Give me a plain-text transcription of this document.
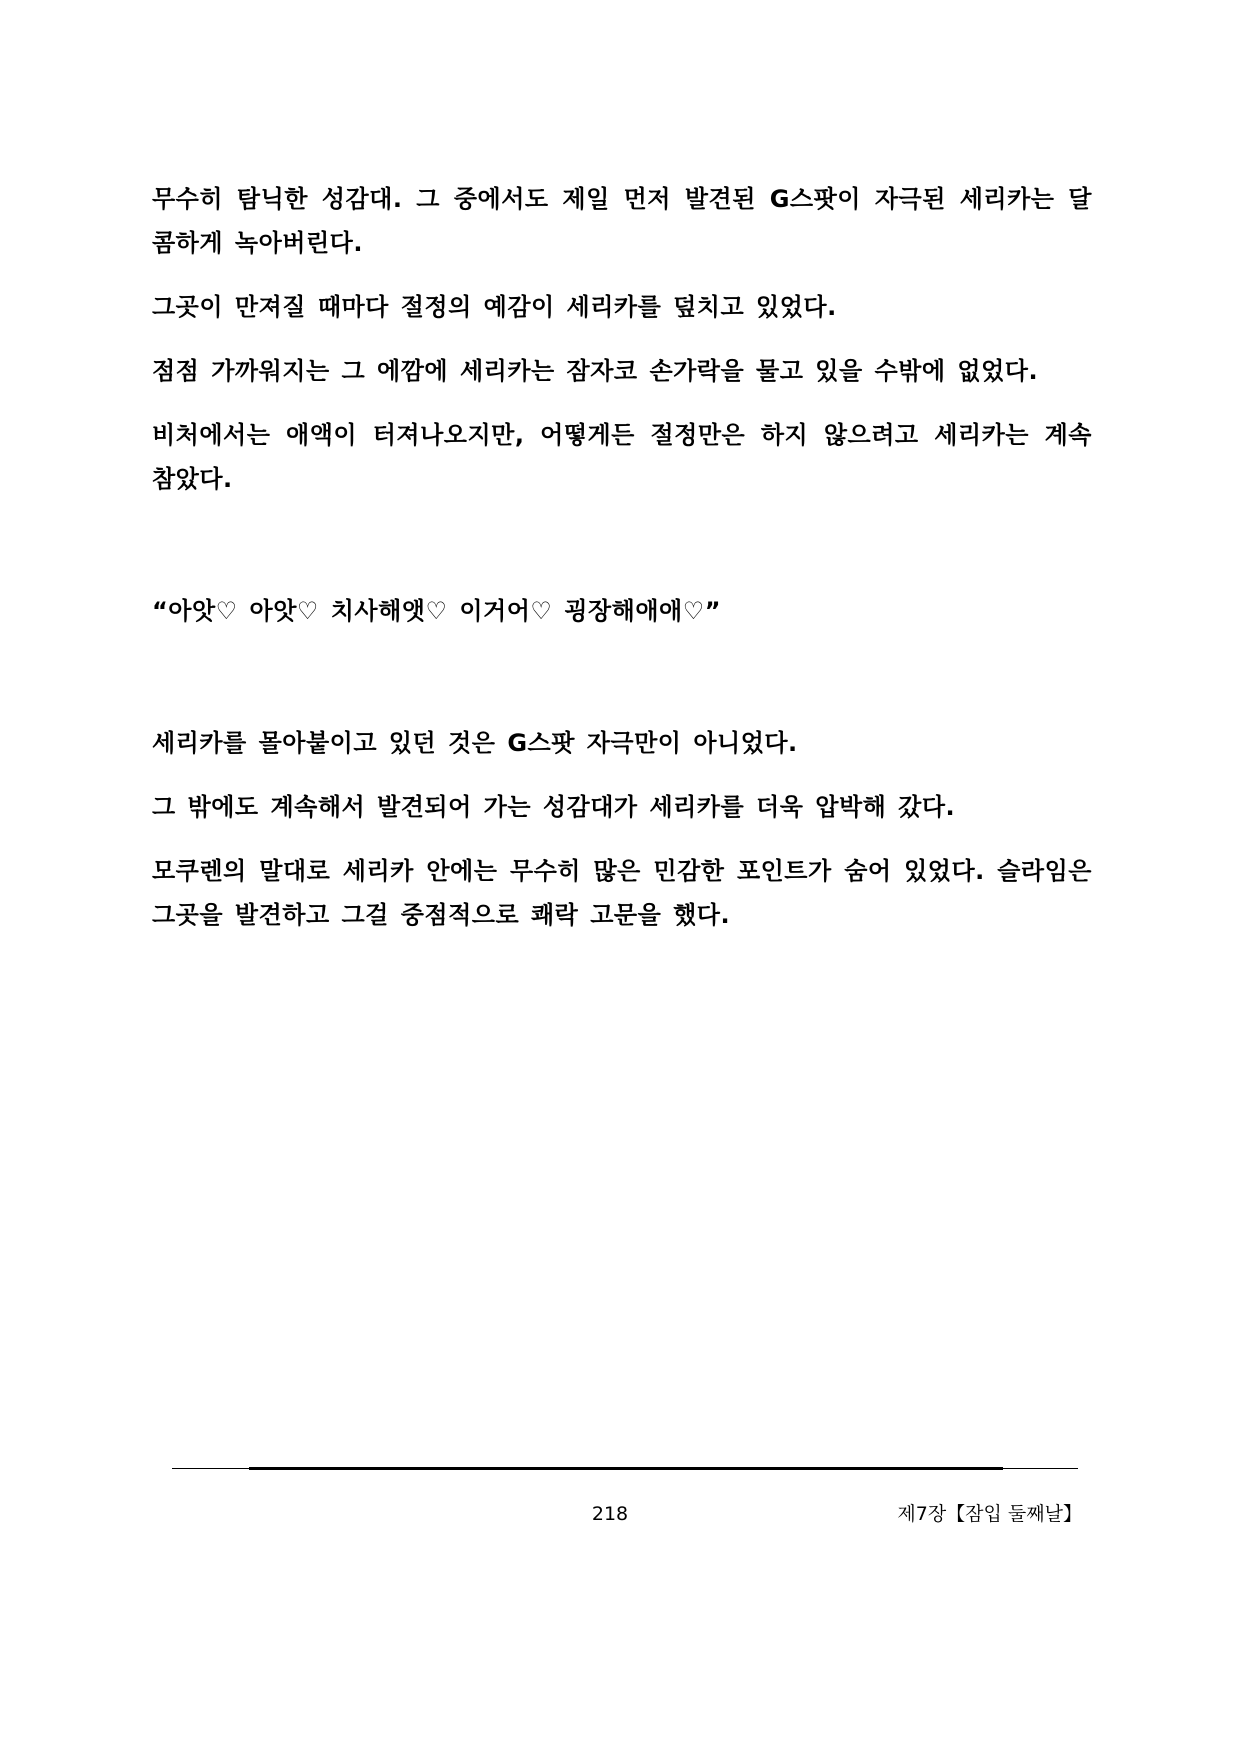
무수히 탐닉한 성감대. 그 중에서도 제일 먼저 발견된 G스팟이 자극된 세리카는 달콤하게 녹아버린다.

그곳이 만져질 때마다 절정의 예감이 세리카를 덮치고 있었다.

점점 가까워지는 그 에깜에 세리카는 잠자코 손가락을 물고 있을 수밖에 없었다.

비처에서는 애액이 터져나오지만, 어떻게든 절정만은 하지 않으려고 세리카는 계속 참았다.

“아앗♡ 아앗♡ 치사해앳♡ 이거어♡ 굉장해애애♡”

세리카를 몰아붙이고 있던 것은 G스팟 자극만이 아니었다.

그 밖에도 계속해서 발견되어 가는 성감대가 세리카를 더욱 압박해 갔다.

모쿠렌의 말대로 세리카 안에는 무수히 많은 민감한 포인트가 숨어 있었다. 슬라임은 그곳을 발견하고 그걸 중점적으로 쾌락 고문을 했다.

218	제7장【잠입 둘째날】
